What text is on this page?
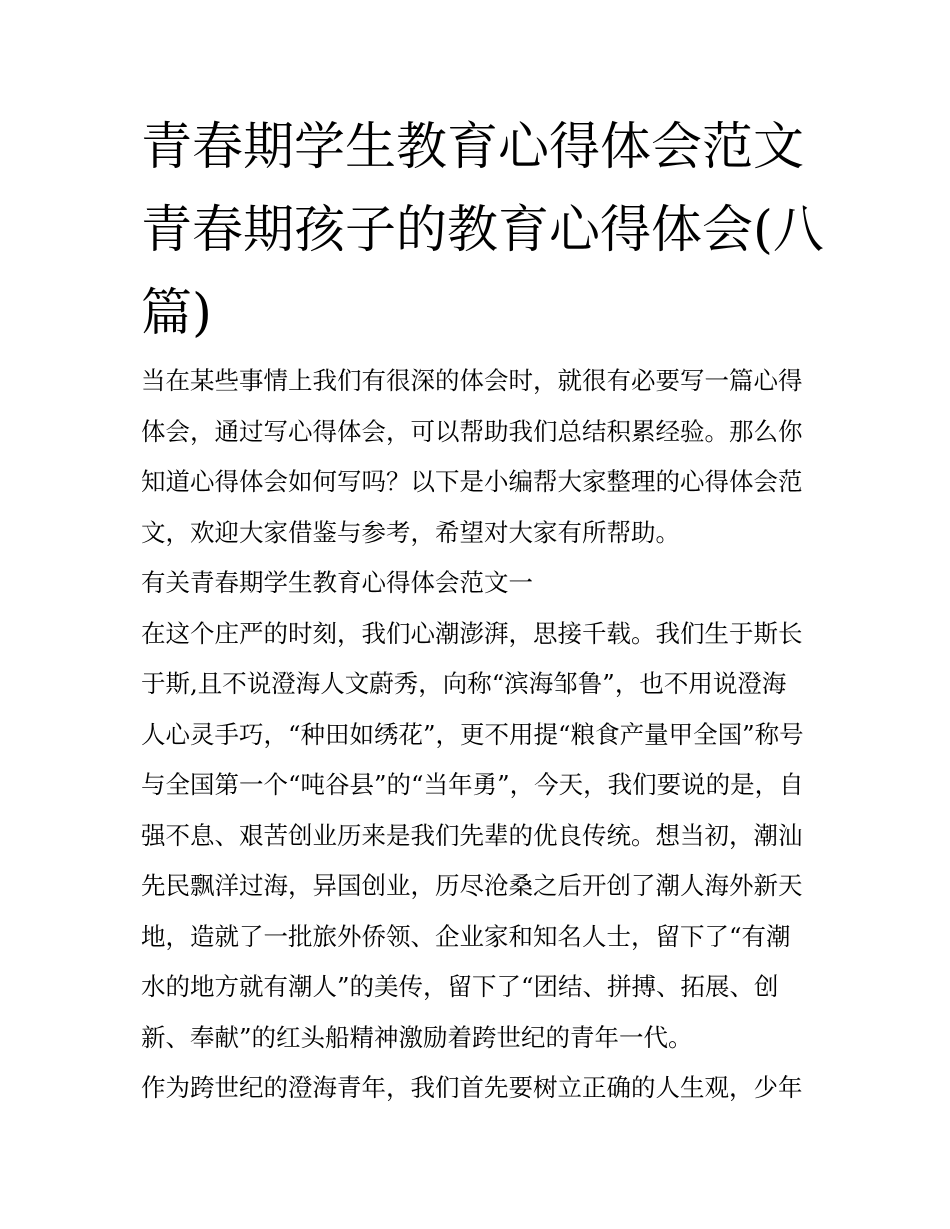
青春期学生教育心得体会范文
青春期孩子的教育心得体会(八
篇)
当在某些事情上我们有很深的体会时，就很有必要写一篇心得
体会，通过写心得体会，可以帮助我们总结积累经验。那么你
知道心得体会如何写吗？以下是小编帮大家整理的心得体会范
文，欢迎大家借鉴与参考，希望对大家有所帮助。
有关青春期学生教育心得体会范文一
在这个庄严的时刻，我们心潮澎湃，思接千载。我们生于斯长
于斯,且不说澄海人文蔚秀，向称“滨海邹鲁”，也不用说澄海
人心灵手巧，“种田如绣花”，更不用提“粮食产量甲全国”称号
与全国第一个“吨谷县”的“当年勇”，今天，我们要说的是，自
强不息、艰苦创业历来是我们先辈的优良传统。想当初，潮汕
先民飘洋过海，异国创业，历尽沧桑之后开创了潮人海外新天
地，造就了一批旅外侨领、企业家和知名人士，留下了“有潮
水的地方就有潮人”的美传，留下了“团结、拼搏、拓展、创
新、奉献”的红头船精神激励着跨世纪的青年一代。
作为跨世纪的澄海青年，我们首先要树立正确的人生观，少年
